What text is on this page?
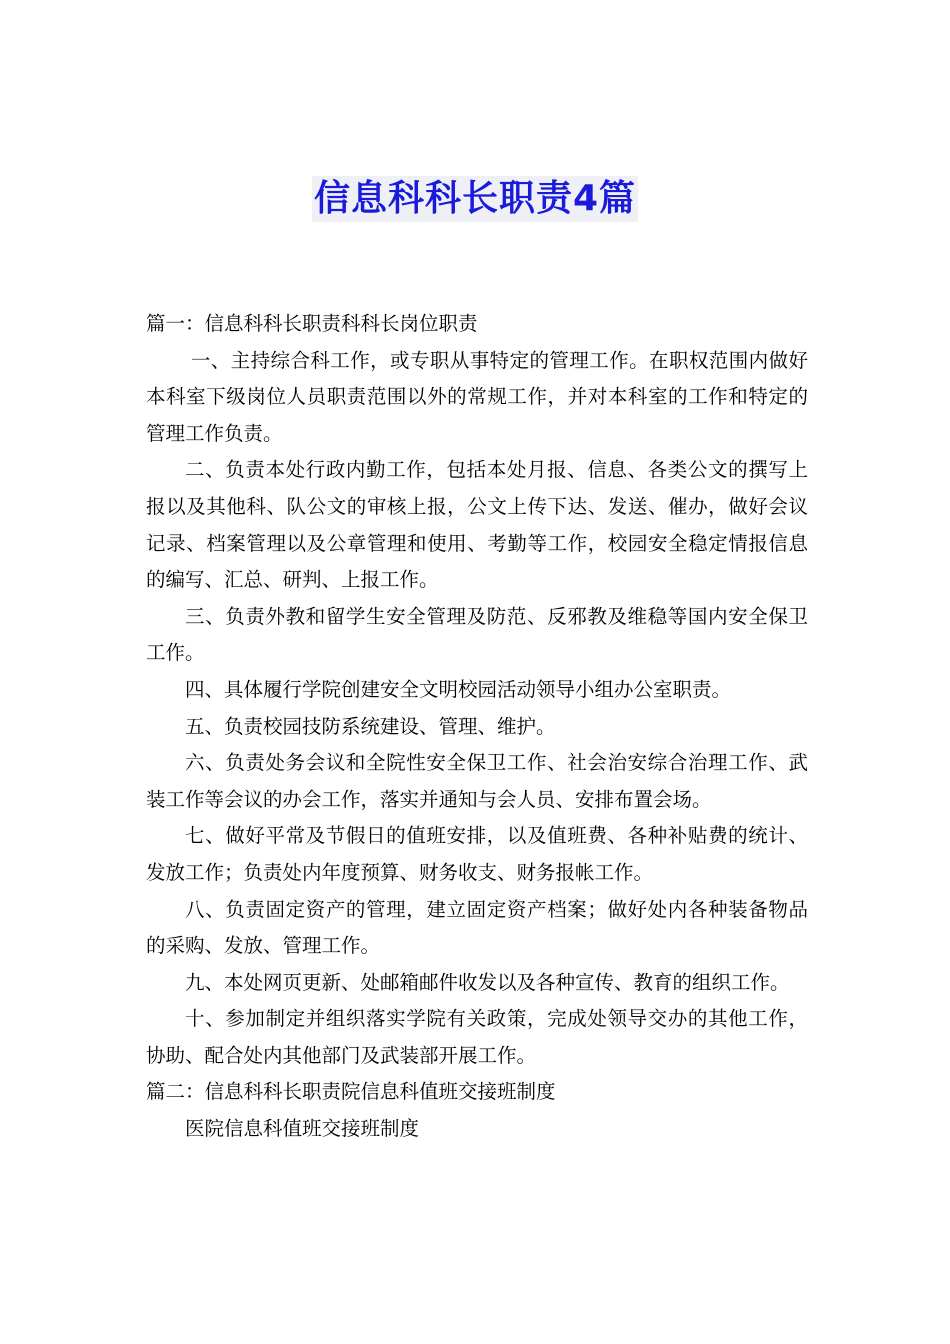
信息科科长职责4篇
篇一：信息科科长职责科科长岗位职责

一、主持综合科工作，或专职从事特定的管理工作。在职权范围内做好本科室下级岗位人员职责范围以外的常规工作，并对本科室的工作和特定的管理工作负责。

二、负责本处行政内勤工作，包括本处月报、信息、各类公文的撰写上报以及其他科、队公文的审核上报，公文上传下达、发送、催办，做好会议记录、档案管理以及公章管理和使用、考勤等工作，校园安全稳定情报信息的编写、汇总、研判、上报工作。

三、负责外教和留学生安全管理及防范、反邪教及维稳等国内安全保卫工作。

四、具体履行学院创建安全文明校园活动领导小组办公室职责。

五、负责校园技防系统建设、管理、维护。

六、负责处务会议和全院性安全保卫工作、社会治安综合治理工作、武装工作等会议的办会工作，落实并通知与会人员、安排布置会场。

七、做好平常及节假日的值班安排，以及值班费、各种补贴费的统计、发放工作；负责处内年度预算、财务收支、财务报帐工作。

八、负责固定资产的管理，建立固定资产档案；做好处内各种装备物品的采购、发放、管理工作。

九、本处网页更新、处邮箱邮件收发以及各种宣传、教育的组织工作。

十、参加制定并组织落实学院有关政策，完成处领导交办的其他工作，协助、配合处内其他部门及武装部开展工作。

篇二：信息科科长职责院信息科值班交接班制度

医院信息科值班交接班制度
